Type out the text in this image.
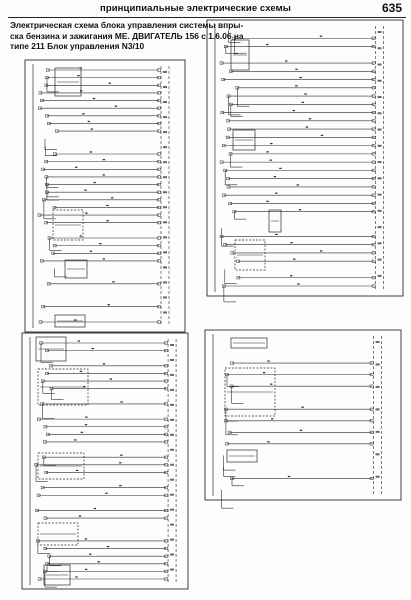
принципиальные электрические схемы	635
Электрическая схема блока управления системы впры-
ска бензина и зажигания ME. ДВИГАТЕЛЬ 156 с 1.6.06 на
типе 211 Блок управления N3/10
